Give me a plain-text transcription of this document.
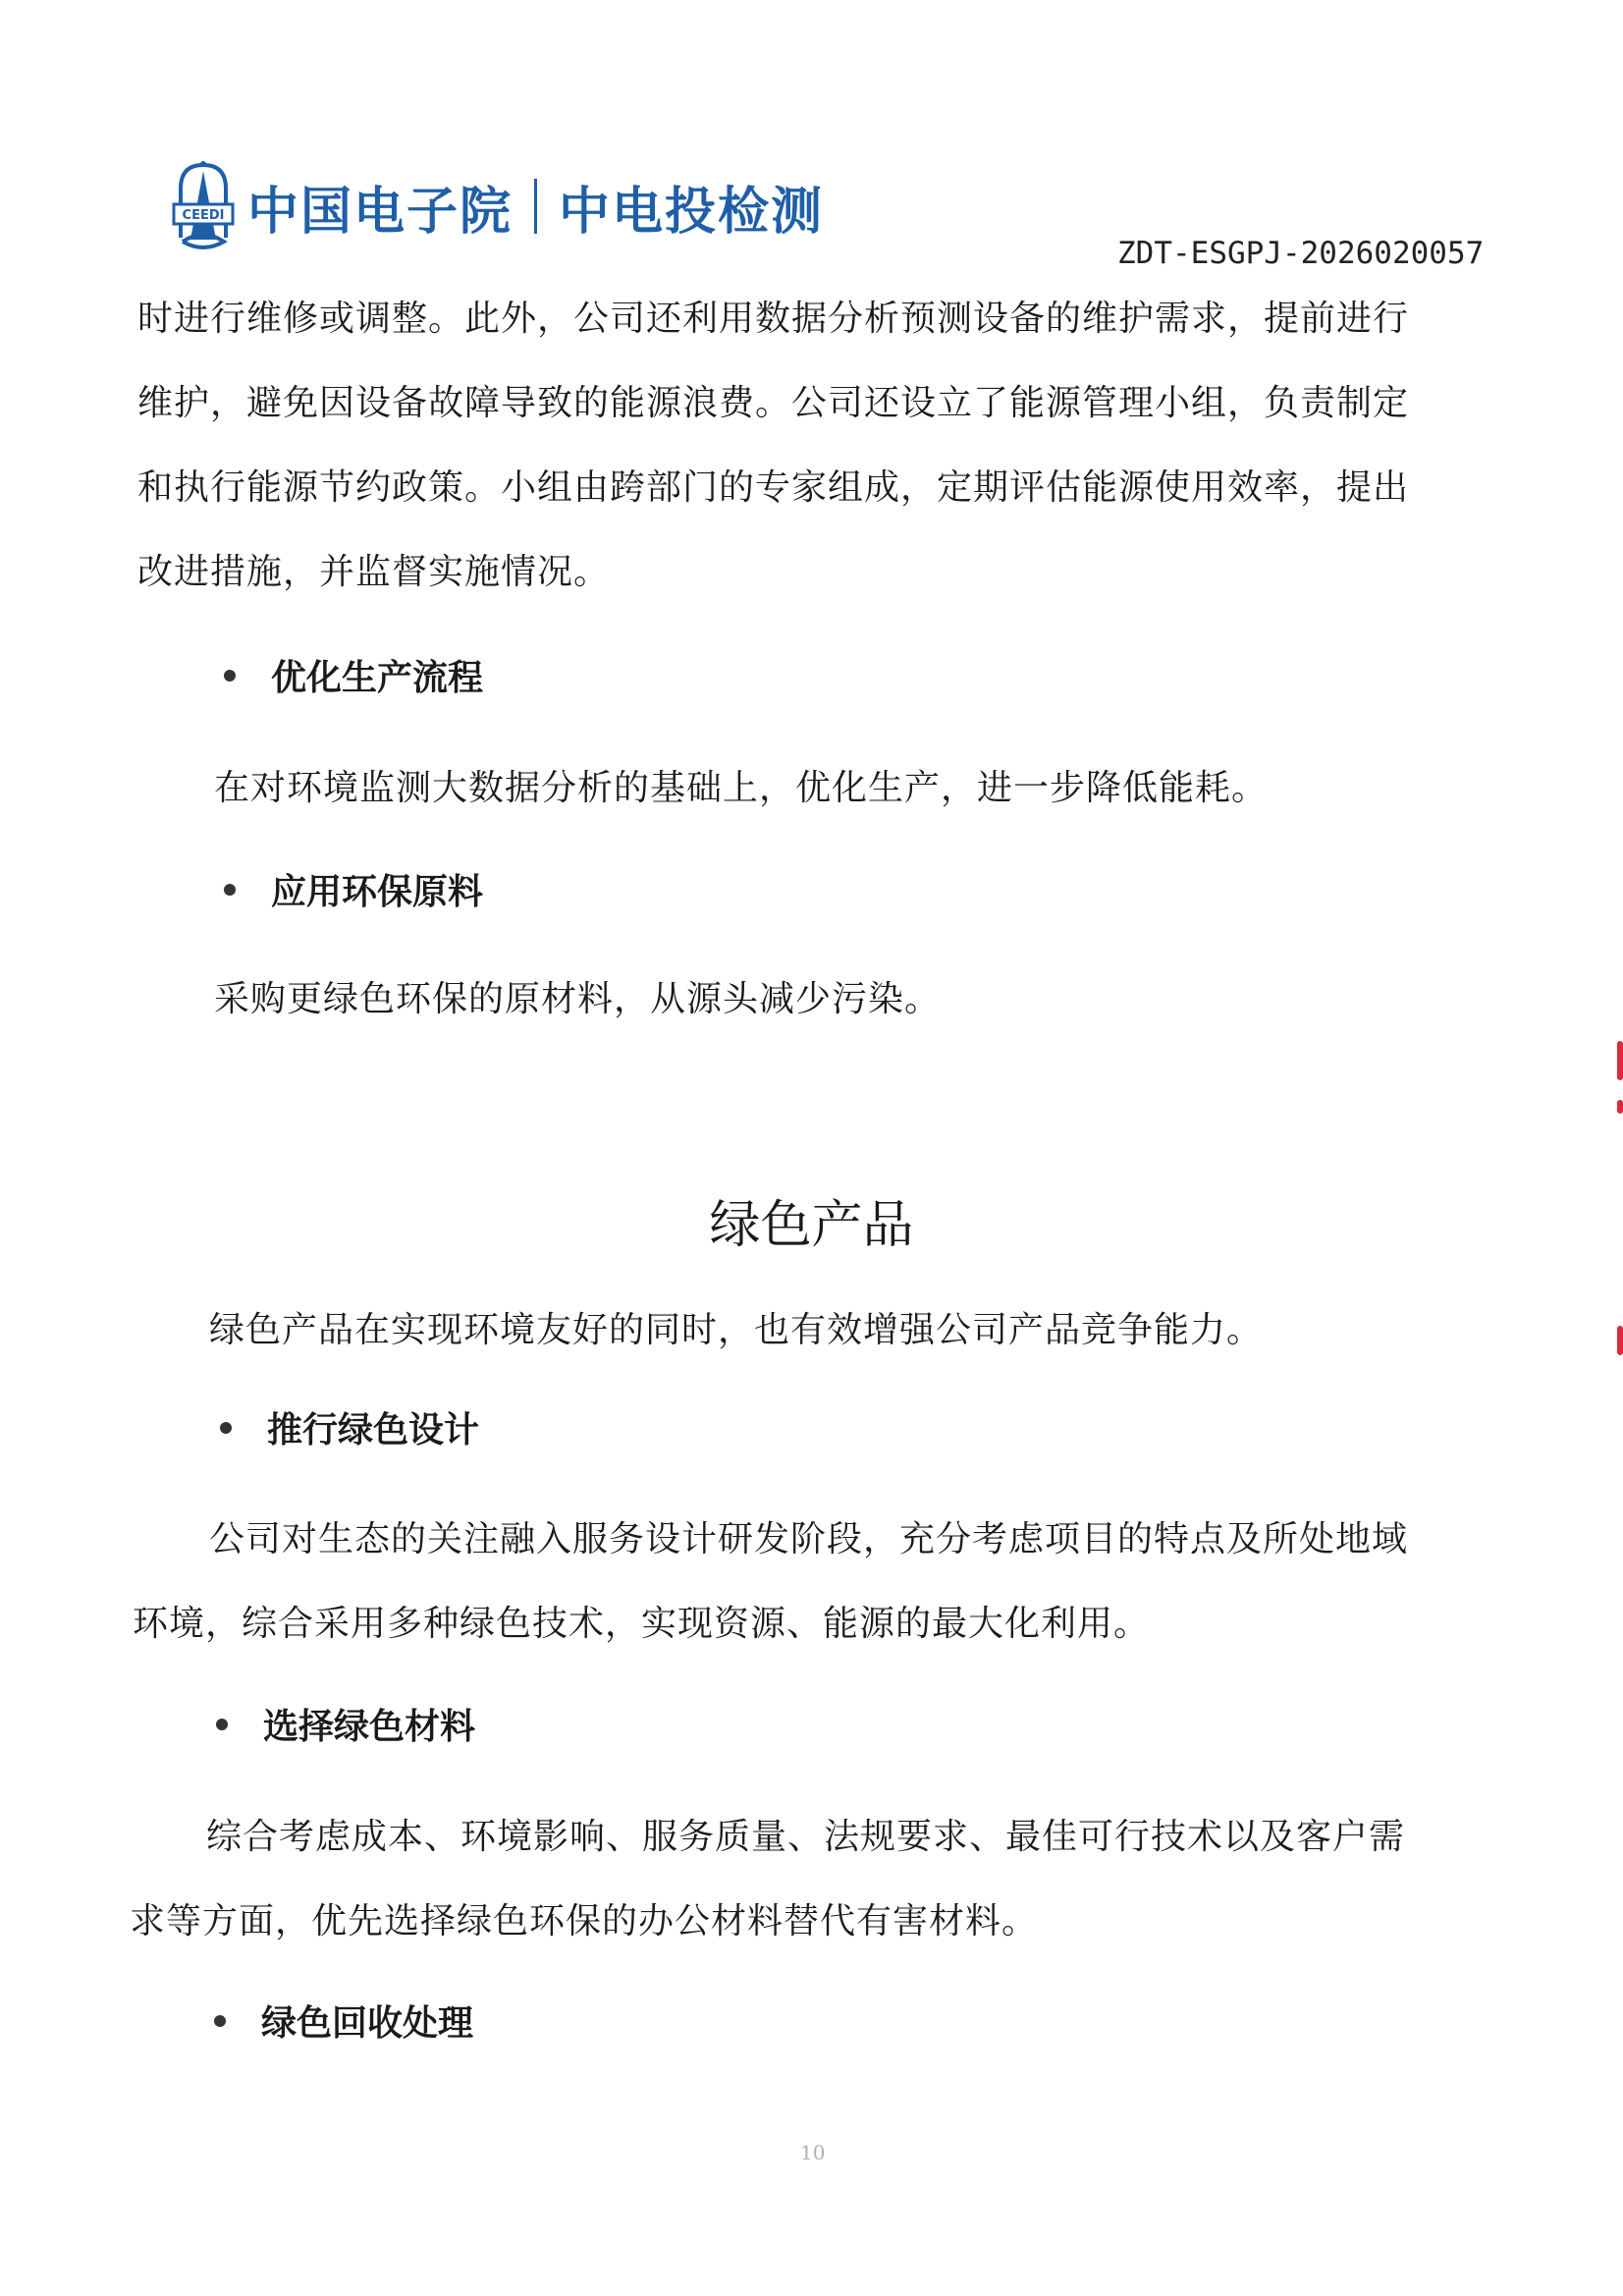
CEEDI 中国电子院 中电投检测
ZDT-ESGPJ-2026020057
时进行维修或调整。此外，公司还利用数据分析预测设备的维护需求，提前进行
维护，避免因设备故障导致的能源浪费。公司还设立了能源管理小组，负责制定
和执行能源节约政策。小组由跨部门的专家组成，定期评估能源使用效率，提出
改进措施，并监督实施情况。
优化生产流程
在对环境监测大数据分析的基础上，优化生产，进一步降低能耗。
应用环保原料
采购更绿色环保的原材料，从源头减少污染。
绿色产品
绿色产品在实现环境友好的同时，也有效增强公司产品竞争能力。
推行绿色设计
公司对生态的关注融入服务设计研发阶段，充分考虑项目的特点及所处地域
环境，综合采用多种绿色技术，实现资源、能源的最大化利用。
选择绿色材料
综合考虑成本、环境影响、服务质量、法规要求、最佳可行技术以及客户需
求等方面，优先选择绿色环保的办公材料替代有害材料。
绿色回收处理
10
